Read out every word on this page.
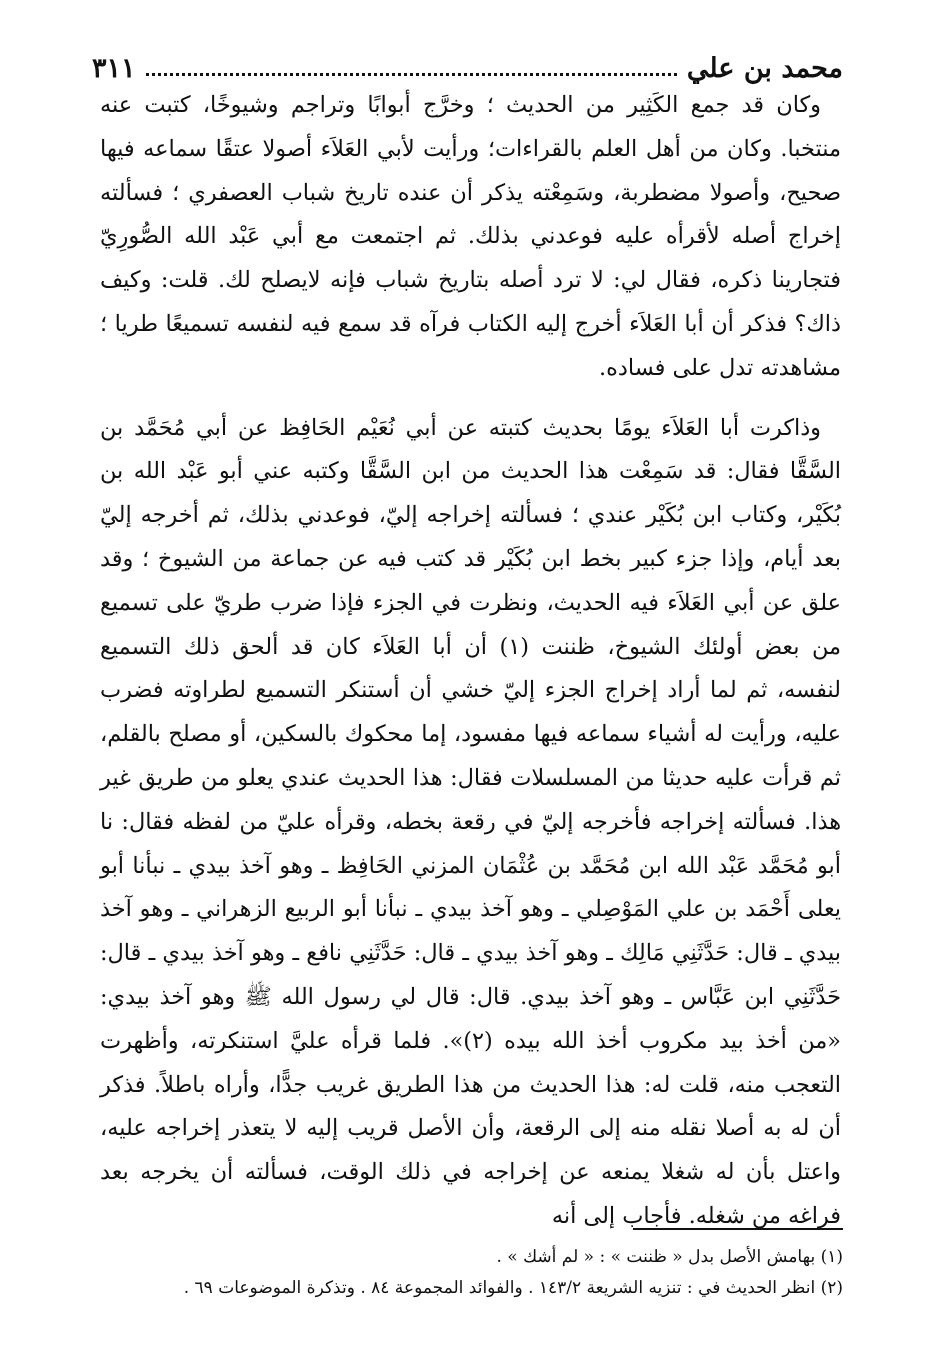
محمد بن علي
٣١١

وكان قد جمع الكَثِير من الحديث ؛ وخرَّج أبوابًا وتراجم وشيوخًا، كتبت عنه منتخبا. وكان من أهل العلم بالقراءات؛ ورأيت لأبي العَلاَء أصولا عتقًا سماعه فيها صحيح، وأصولا مضطربة، وسَمِعْته يذكر أن عنده تاريخ شباب العصفري ؛ فسألته إخراج أصله لأقرأه عليه فوعدني بذلك. ثم اجتمعت مع أبي عَبْد الله الصُّورِيّ فتجارينا ذكره، فقال لي: لا ترد أصله بتاريخ شباب فإنه لايصلح لك. قلت: وكيف ذاك؟ فذكر أن أبا العَلاَء أخرج إليه الكتاب فرآه قد سمع فيه لنفسه تسميعًا طريا ؛ مشاهدته تدل على فساده.

وذاكرت أبا العَلاَء يومًا بحديث كتبته عن أبي نُعَيْم الحَافِظ عن أبي مُحَمَّد بن السَّقَّا فقال: قد سَمِعْت هذا الحديث من ابن السَّقَّا وكتبه عني أبو عَبْد الله بن بُكَيْر، وكتاب ابن بُكَيْر عندي ؛ فسألته إخراجه إليّ، فوعدني بذلك، ثم أخرجه إليّ بعد أيام، وإذا جزء كبير بخط ابن بُكَيْر قد كتب فيه عن جماعة من الشيوخ ؛ وقد علق عن أبي العَلاَء فيه الحديث، ونظرت في الجزء فإذا ضرب طريّ على تسميع من بعض أولئك الشيوخ، ظننت (١) أن أبا العَلاَء كان قد ألحق ذلك التسميع لنفسه، ثم لما أراد إخراج الجزء إليّ خشي أن أستنكر التسميع لطراوته فضرب عليه، ورأيت له أشياء سماعه فيها مفسود، إما محكوك بالسكين، أو مصلح بالقلم، ثم قرأت عليه حديثا من المسلسلات فقال: هذا الحديث عندي يعلو من طريق غير هذا. فسألته إخراجه فأخرجه إليّ في رقعة بخطه، وقرأه عليّ من لفظه فقال: نا أبو مُحَمَّد عَبْد الله ابن مُحَمَّد بن عُثْمَان المزني الحَافِظ ـ وهو آخذ بيدي ـ نبأنا أبو يعلى أَحْمَد بن علي المَوْصِلي ـ وهو آخذ بيدي ـ نبأنا أبو الربيع الزهراني ـ وهو آخذ بيدي ـ قال: حَدَّثَنِي مَالِك ـ وهو آخذ بيدي ـ قال: حَدَّثَنِي نافع ـ وهو آخذ بيدي ـ قال: حَدَّثَنِي ابن عَبَّاس ـ وهو آخذ بيدي. قال: قال لي رسول الله ﷺ وهو آخذ بيدي: «من أخذ بيد مكروب أخذ الله بيده (٢)». فلما قرأه عليَّ استنكرته، وأظهرت التعجب منه، قلت له: هذا الحديث من هذا الطريق غريب جدًّا، وأراه باطلاً. فذكر أن له به أصلا نقله منه إلى الرقعة، وأن الأصل قريب إليه لا يتعذر إخراجه عليه، واعتل بأن له شغلا يمنعه عن إخراجه في ذلك الوقت، فسألته أن يخرجه بعد فراغه من شغله. فأجاب إلى أنه

(١) بهامش الأصل بدل « ظننت » : « لم أشك » .

(٢) انظر الحديث في : تنزيه الشريعة ١٤٣/٢ . والفوائد المجموعة ٨٤ . وتذكرة الموضوعات ٦٩ .
